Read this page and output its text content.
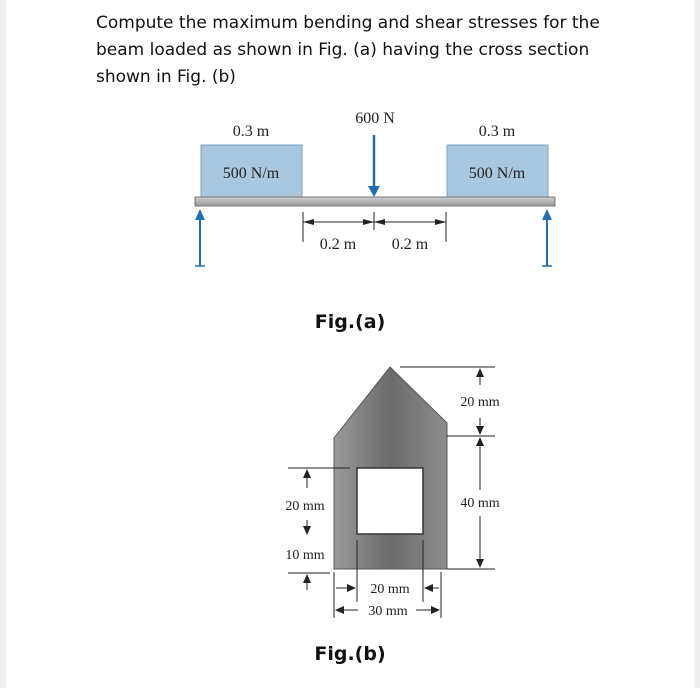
Compute the maximum bending and shear stresses for the beam loaded as shown in Fig. (a) having the cross section shown in Fig. (b)
0.3 m
600 N
0.3 m
500 N/m	500 N/m
0.2 m 0.2 m
Fig.(a)
20 mm
40 mm
20 mm
10 mm
20 mm
30 mm
Fig.(b)
